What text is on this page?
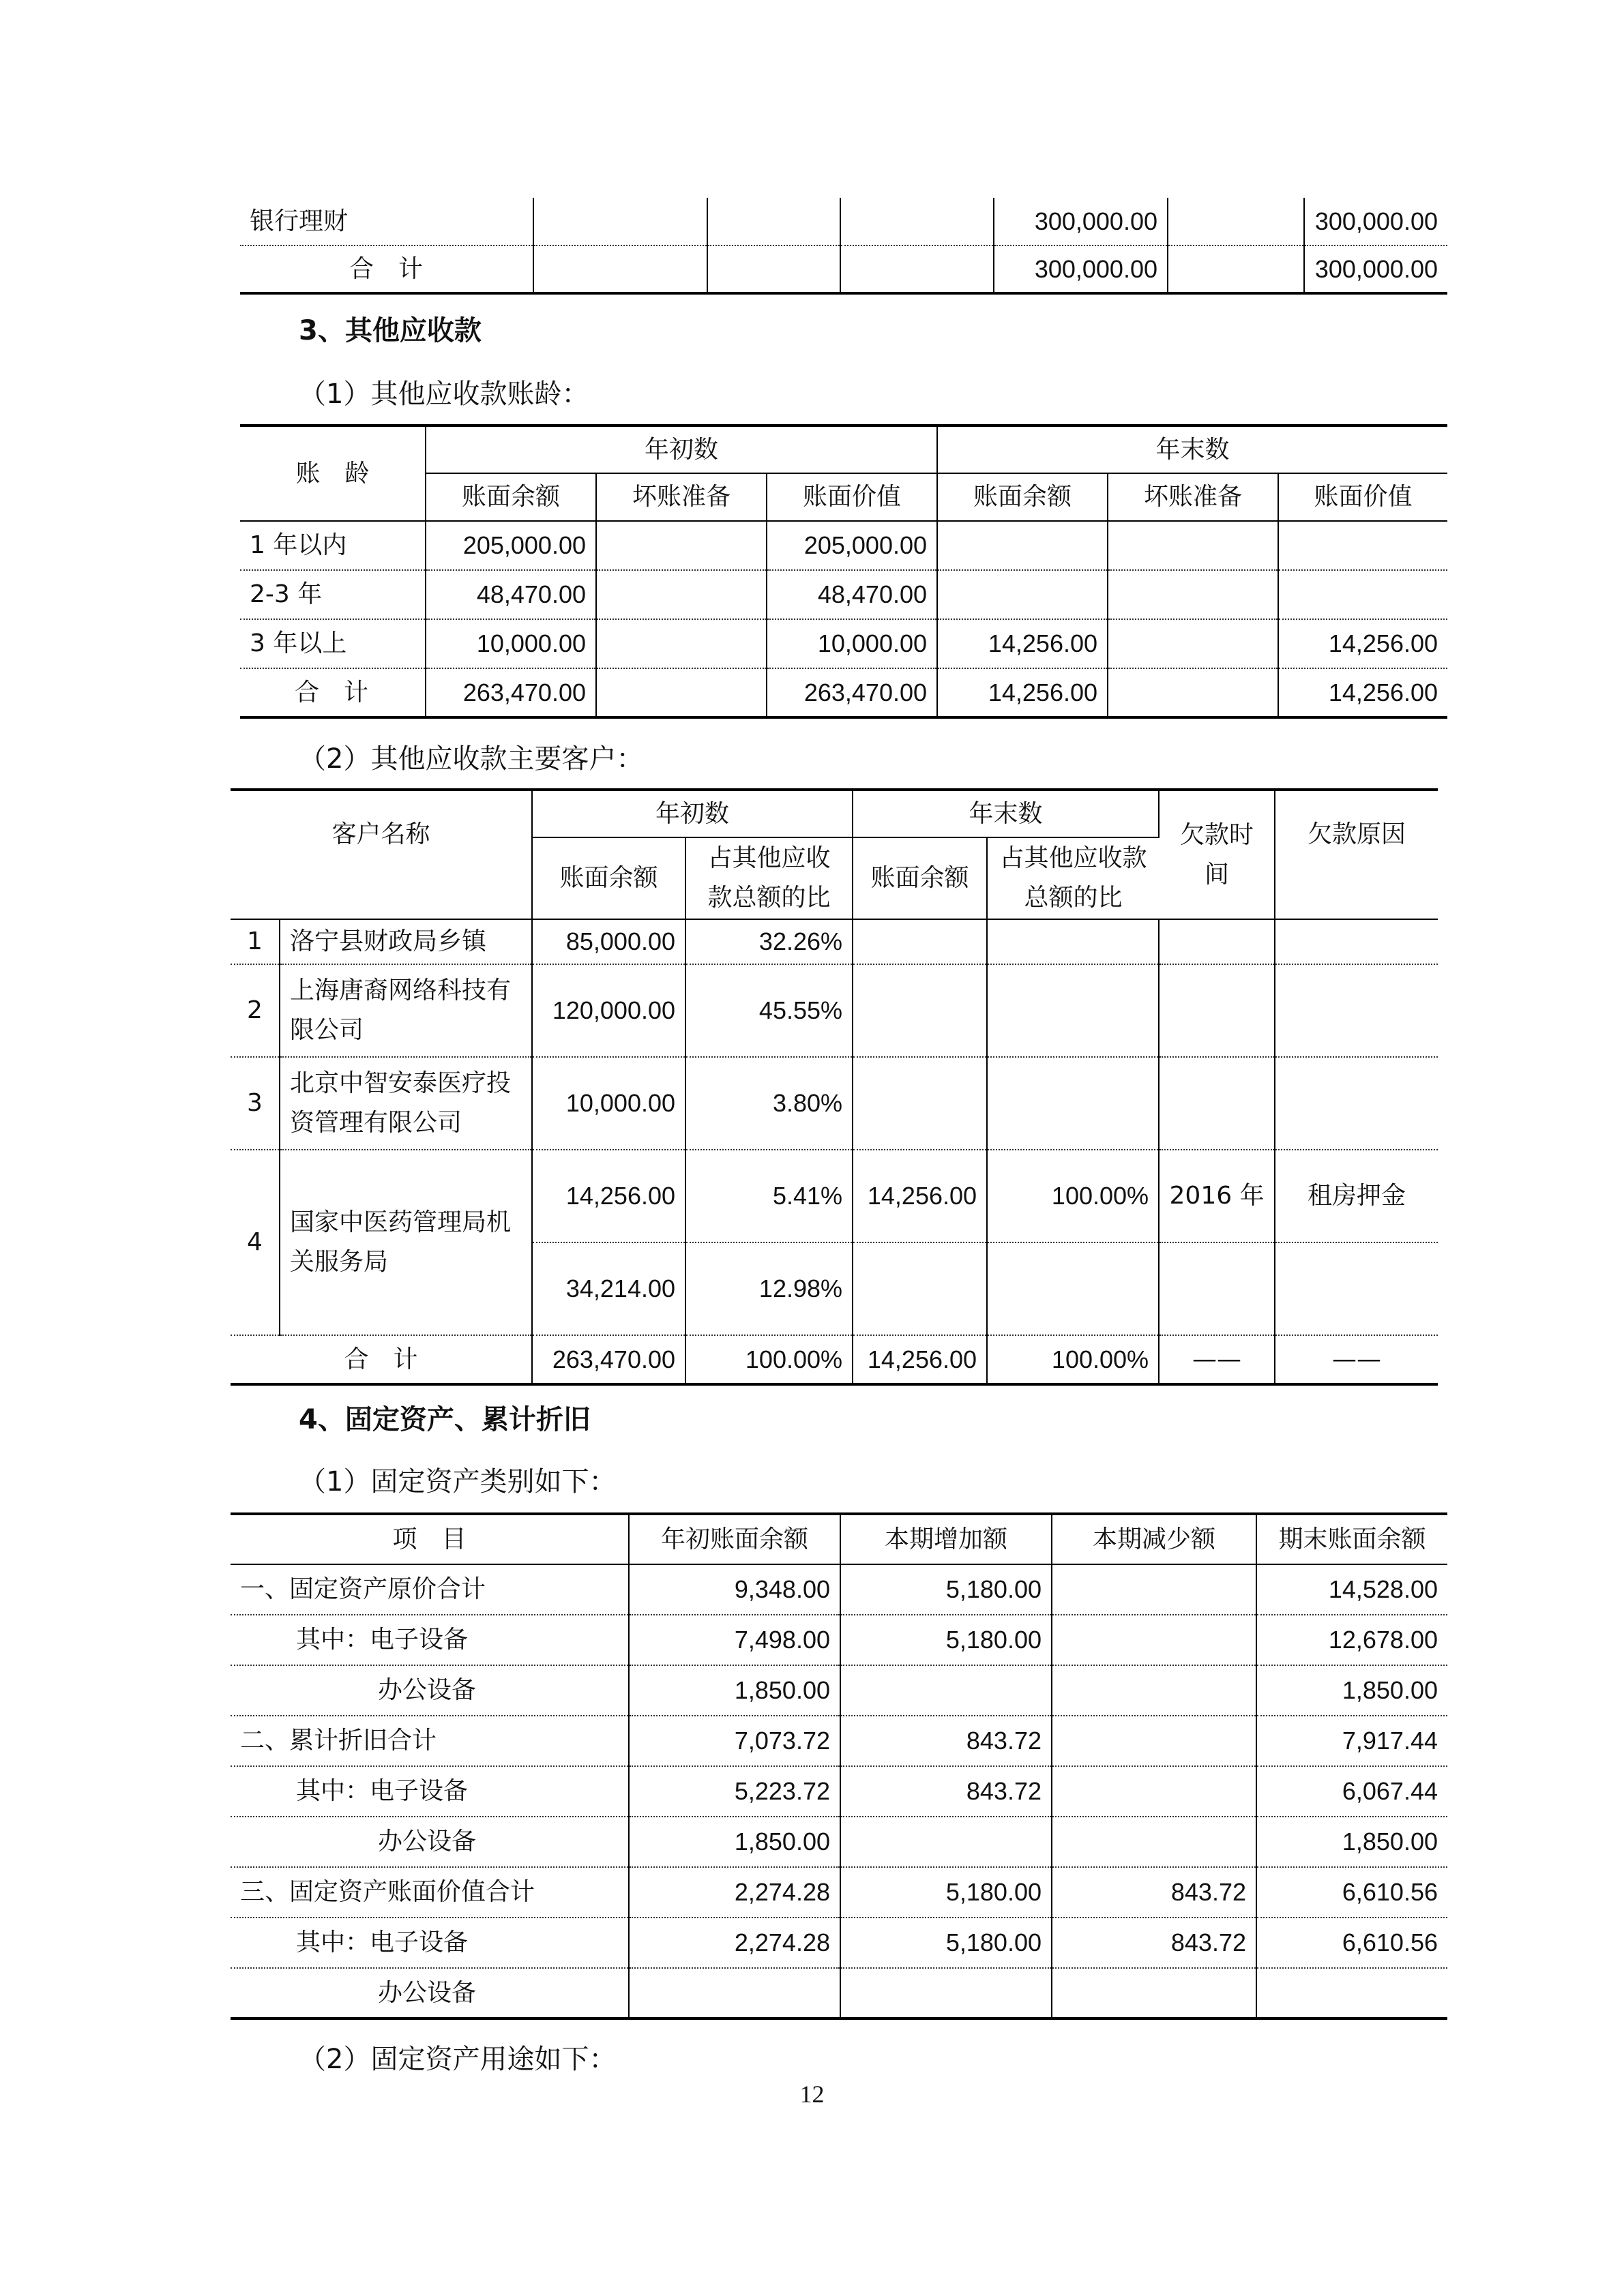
银行理财				300,000.00		300,000.00
合　计				300,000.00		300,000.00
3、其他应收款
（1）其他应收款账龄：
账　龄	年初数			年末数		
	账面余额	坏账准备	账面价值	账面余额	坏账准备	账面价值
1 年以内	205,000.00		205,000.00			
2-3 年	48,470.00		48,470.00			
3 年以上	10,000.00		10,000.00	14,256.00		14,256.00
合　计	263,470.00		263,470.00	14,256.00		14,256.00
（2）其他应收款主要客户：
客户名称		年初数		年末数		欠款时间	欠款原因
		账面余额	占其他应收款总额的比	账面余额	占其他应收款总额的比		
1	洛宁县财政局乡镇	85,000.00	32.26%				
2	上海唐裔网络科技有限公司	120,000.00	45.55%				
3	北京中智安泰医疗投资管理有限公司	10,000.00	3.80%				
4	国家中医药管理局机关服务局	14,256.00	5.41%	14,256.00	100.00%	2016 年	租房押金
		34,214.00	12.98%				
合　计		263,470.00	100.00%	14,256.00	100.00%	——	——
4、固定资产、累计折旧
（1）固定资产类别如下：
项　目	年初账面余额	本期增加额	本期减少额	期末账面余额
一、固定资产原价合计	9,348.00	5,180.00		14,528.00
其中：电子设备	7,498.00	5,180.00		12,678.00
办公设备	1,850.00			1,850.00
二、累计折旧合计	7,073.72	843.72		7,917.44
其中：电子设备	5,223.72	843.72		6,067.44
办公设备	1,850.00			1,850.00
三、固定资产账面价值合计	2,274.28	5,180.00	843.72	6,610.56
其中：电子设备	2,274.28	5,180.00	843.72	6,610.56
办公设备				
（2）固定资产用途如下：
12
